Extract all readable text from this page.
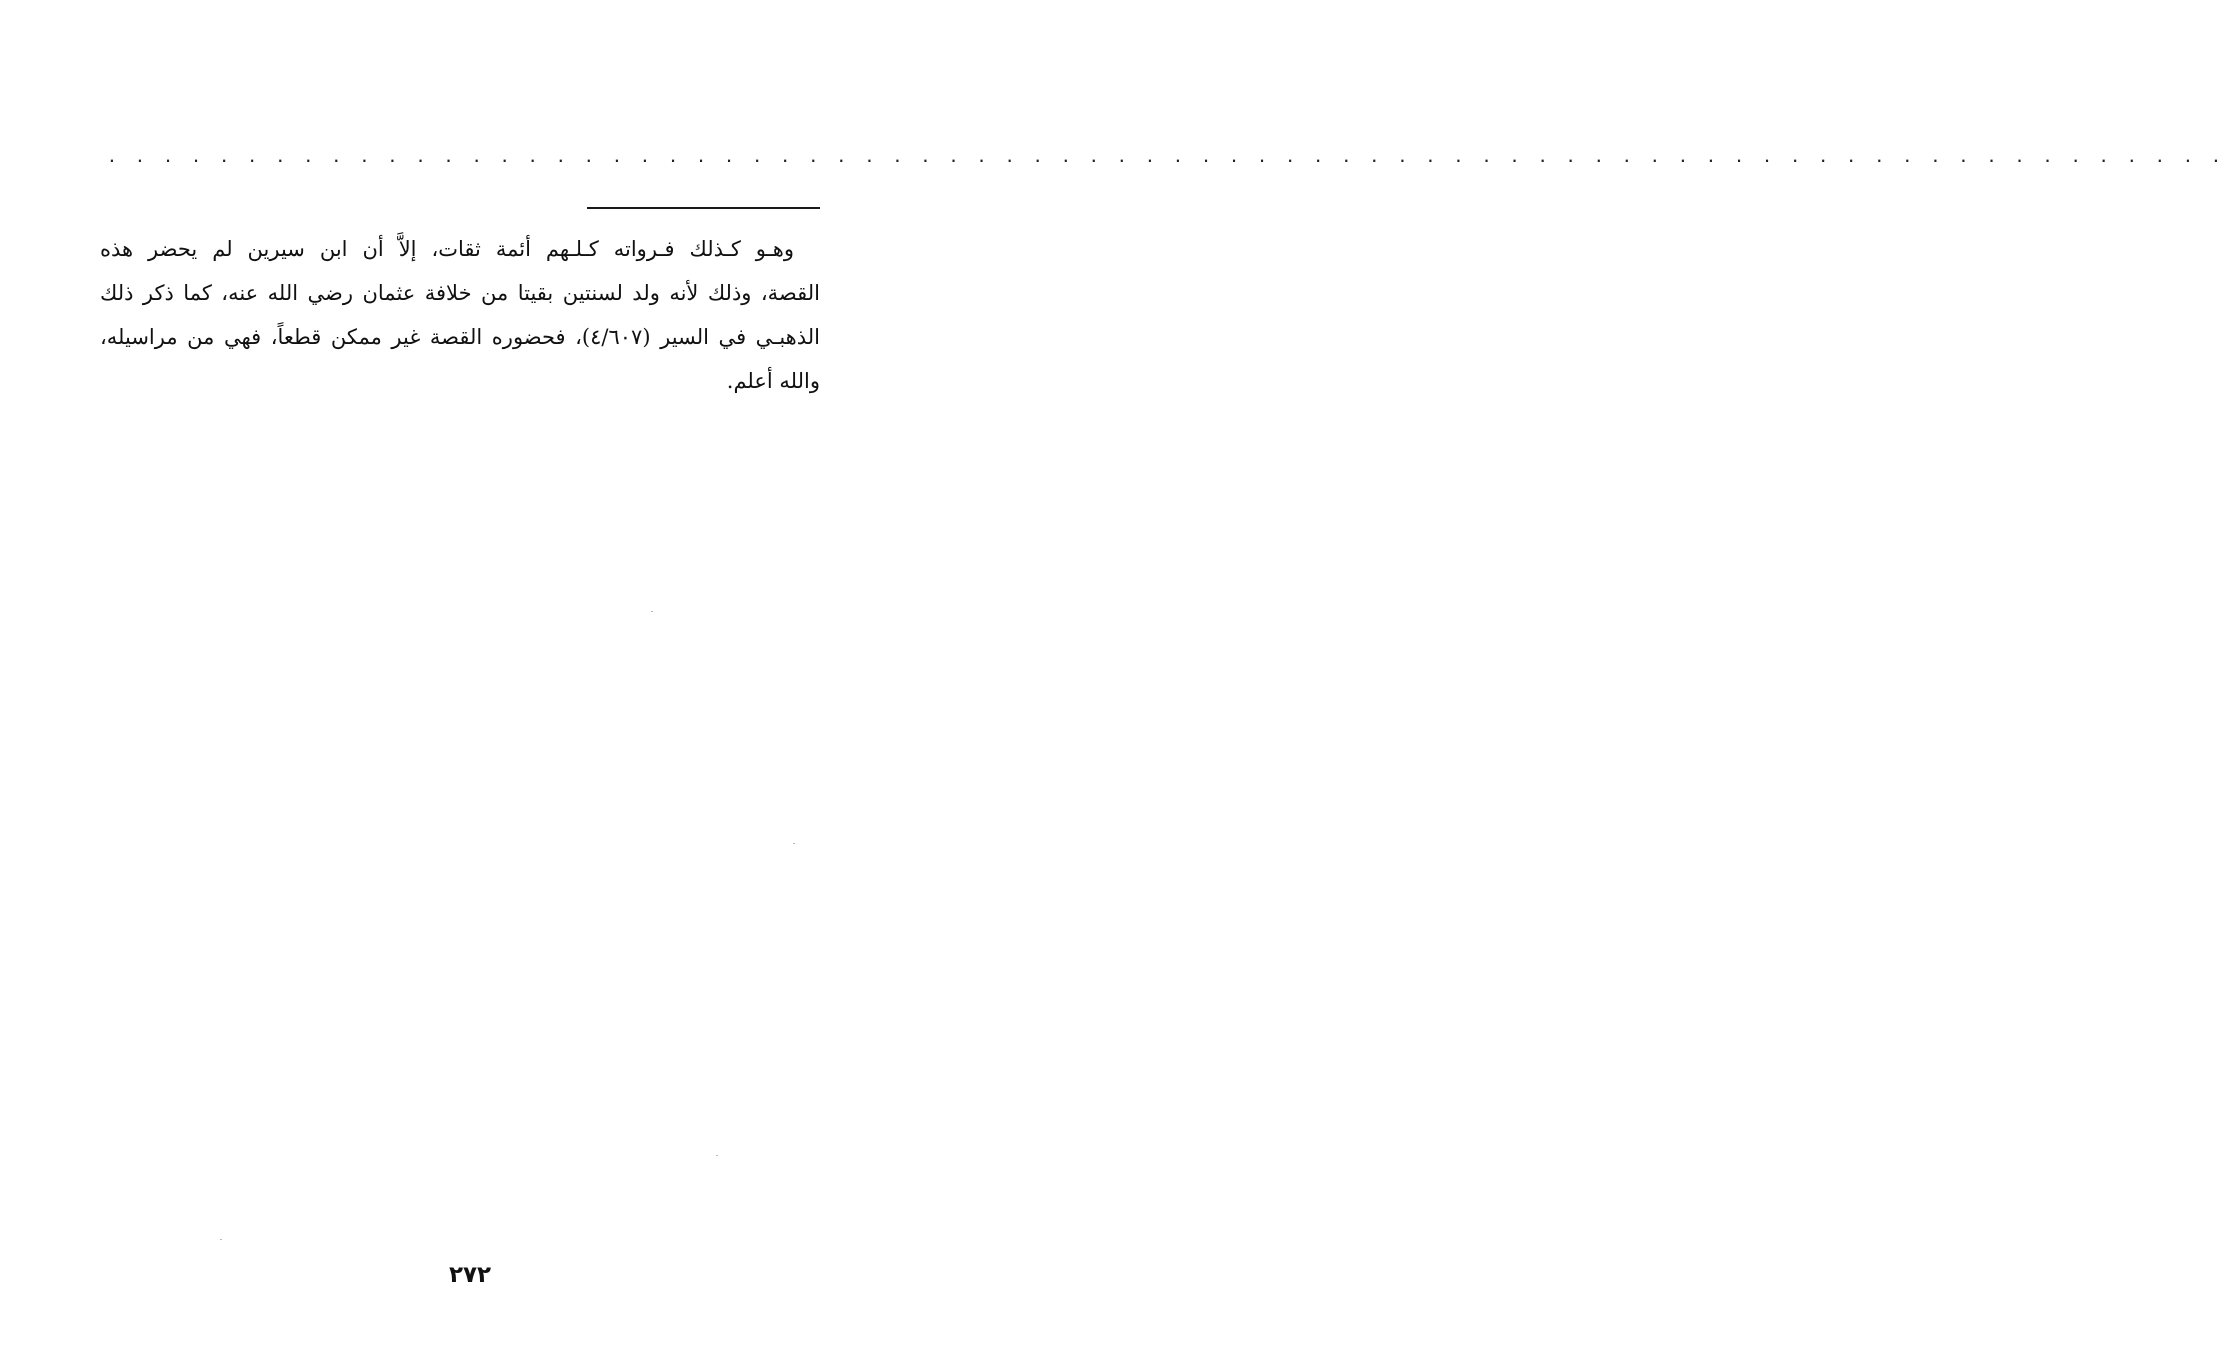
. . . . . . . . . . . . . . . . . . . . . . . . . . . . . . . . . . . . . . . . . . . . . . . . . . . . . . . . . . . . . . . . . . . . . . . . . . . .
وهـو كـذلك فـرواته كـلـهم أئمة ثقات، إلاَّ أن ابن سيرين لم يحضر هذه
القصة، وذلك لأنه ولد لسنتين بقيتا من خلافة عثمان رضي الله عنه، كما ذكر ذلك
الذهبـي في السير (٤/٦٠٧)، فحضوره القصة غير ممكن قطعاً، فهي من مراسيله،
والله أعلم.
٢٧٢
